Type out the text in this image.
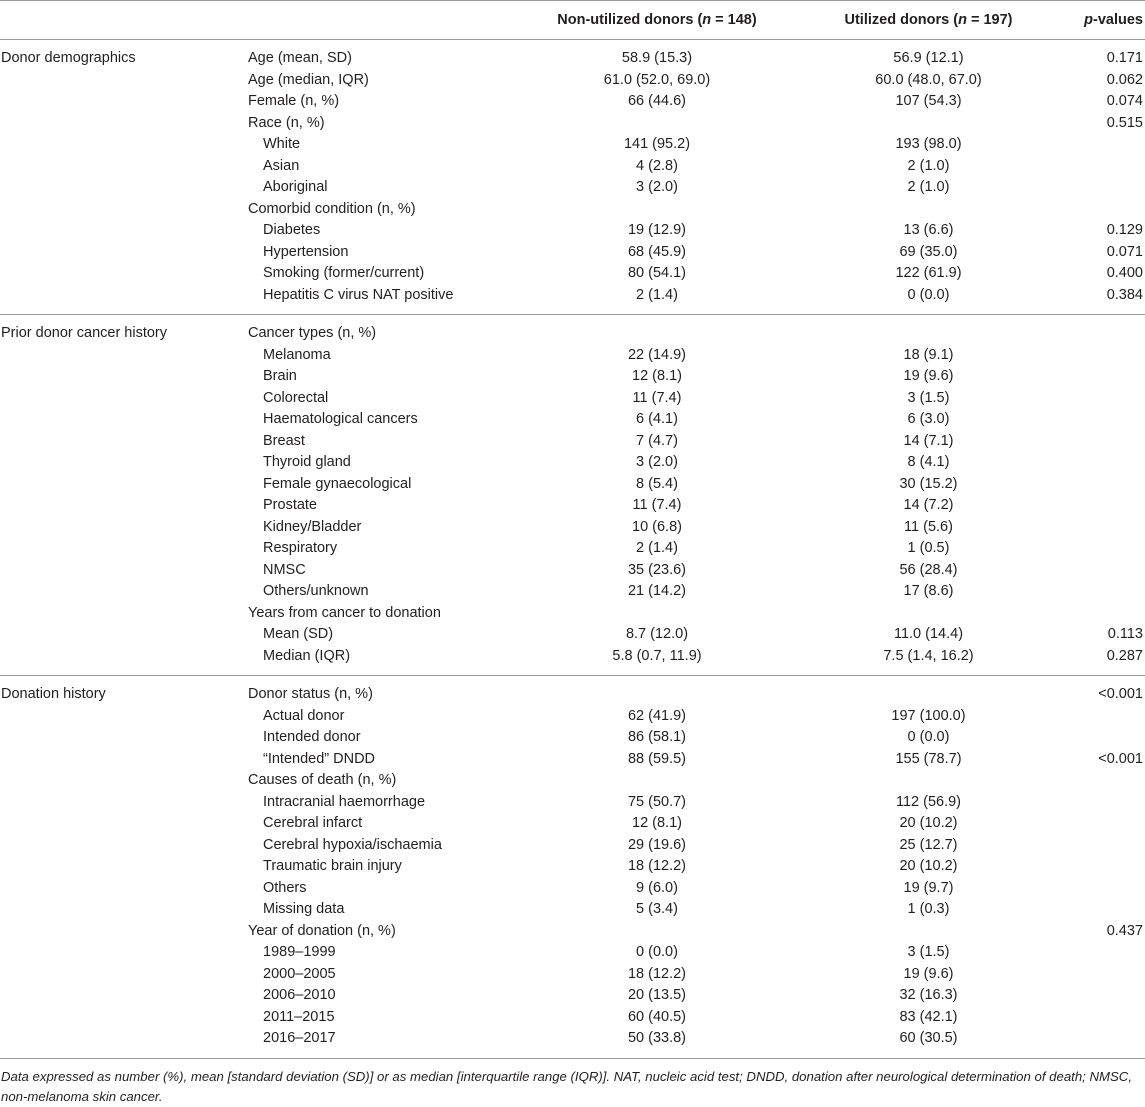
		Non-utilized donors (n = 148)	Utilized donors (n = 197)	p-values
Donor demographics	Age (mean, SD)	58.9 (15.3)	56.9 (12.1)	0.171
	Age (median, IQR)	61.0 (52.0, 69.0)	60.0 (48.0, 67.0)	0.062
	Female (n, %)	66 (44.6)	107 (54.3)	0.074
	Race (n, %)			0.515
	White	141 (95.2)	193 (98.0)	
	Asian	4 (2.8)	2 (1.0)	
	Aboriginal	3 (2.0)	2 (1.0)	
	Comorbid condition (n, %)			
	Diabetes	19 (12.9)	13 (6.6)	0.129
	Hypertension	68 (45.9)	69 (35.0)	0.071
	Smoking (former/current)	80 (54.1)	122 (61.9)	0.400
	Hepatitis C virus NAT positive	2 (1.4)	0 (0.0)	0.384
Prior donor cancer history	Cancer types (n, %)			
	Melanoma	22 (14.9)	18 (9.1)	
	Brain	12 (8.1)	19 (9.6)	
	Colorectal	11 (7.4)	3 (1.5)	
	Haematological cancers	6 (4.1)	6 (3.0)	
	Breast	7 (4.7)	14 (7.1)	
	Thyroid gland	3 (2.0)	8 (4.1)	
	Female gynaecological	8 (5.4)	30 (15.2)	
	Prostate	11 (7.4)	14 (7.2)	
	Kidney/Bladder	10 (6.8)	11 (5.6)	
	Respiratory	2 (1.4)	1 (0.5)	
	NMSC	35 (23.6)	56 (28.4)	
	Others/unknown	21 (14.2)	17 (8.6)	
	Years from cancer to donation			
	Mean (SD)	8.7 (12.0)	11.0 (14.4)	0.113
	Median (IQR)	5.8 (0.7, 11.9)	7.5 (1.4, 16.2)	0.287
Donation history	Donor status (n, %)			<0.001
	Actual donor	62 (41.9)	197 (100.0)	
	Intended donor	86 (58.1)	0 (0.0)	
	“Intended” DNDD	88 (59.5)	155 (78.7)	<0.001
	Causes of death (n, %)			
	Intracranial haemorrhage	75 (50.7)	112 (56.9)	
	Cerebral infarct	12 (8.1)	20 (10.2)	
	Cerebral hypoxia/ischaemia	29 (19.6)	25 (12.7)	
	Traumatic brain injury	18 (12.2)	20 (10.2)	
	Others	9 (6.0)	19 (9.7)	
	Missing data	5 (3.4)	1 (0.3)	
	Year of donation (n, %)			0.437
	1989–1999	0 (0.0)	3 (1.5)	
	2000–2005	18 (12.2)	19 (9.6)	
	2006–2010	20 (13.5)	32 (16.3)	
	2011–2015	60 (40.5)	83 (42.1)	
	2016–2017	50 (33.8)	60 (30.5)	
Data expressed as number (%), mean [standard deviation (SD)] or as median [interquartile range (IQR)]. NAT, nucleic acid test; DNDD, donation after neurological determination of death; NMSC, non-melanoma skin cancer.
